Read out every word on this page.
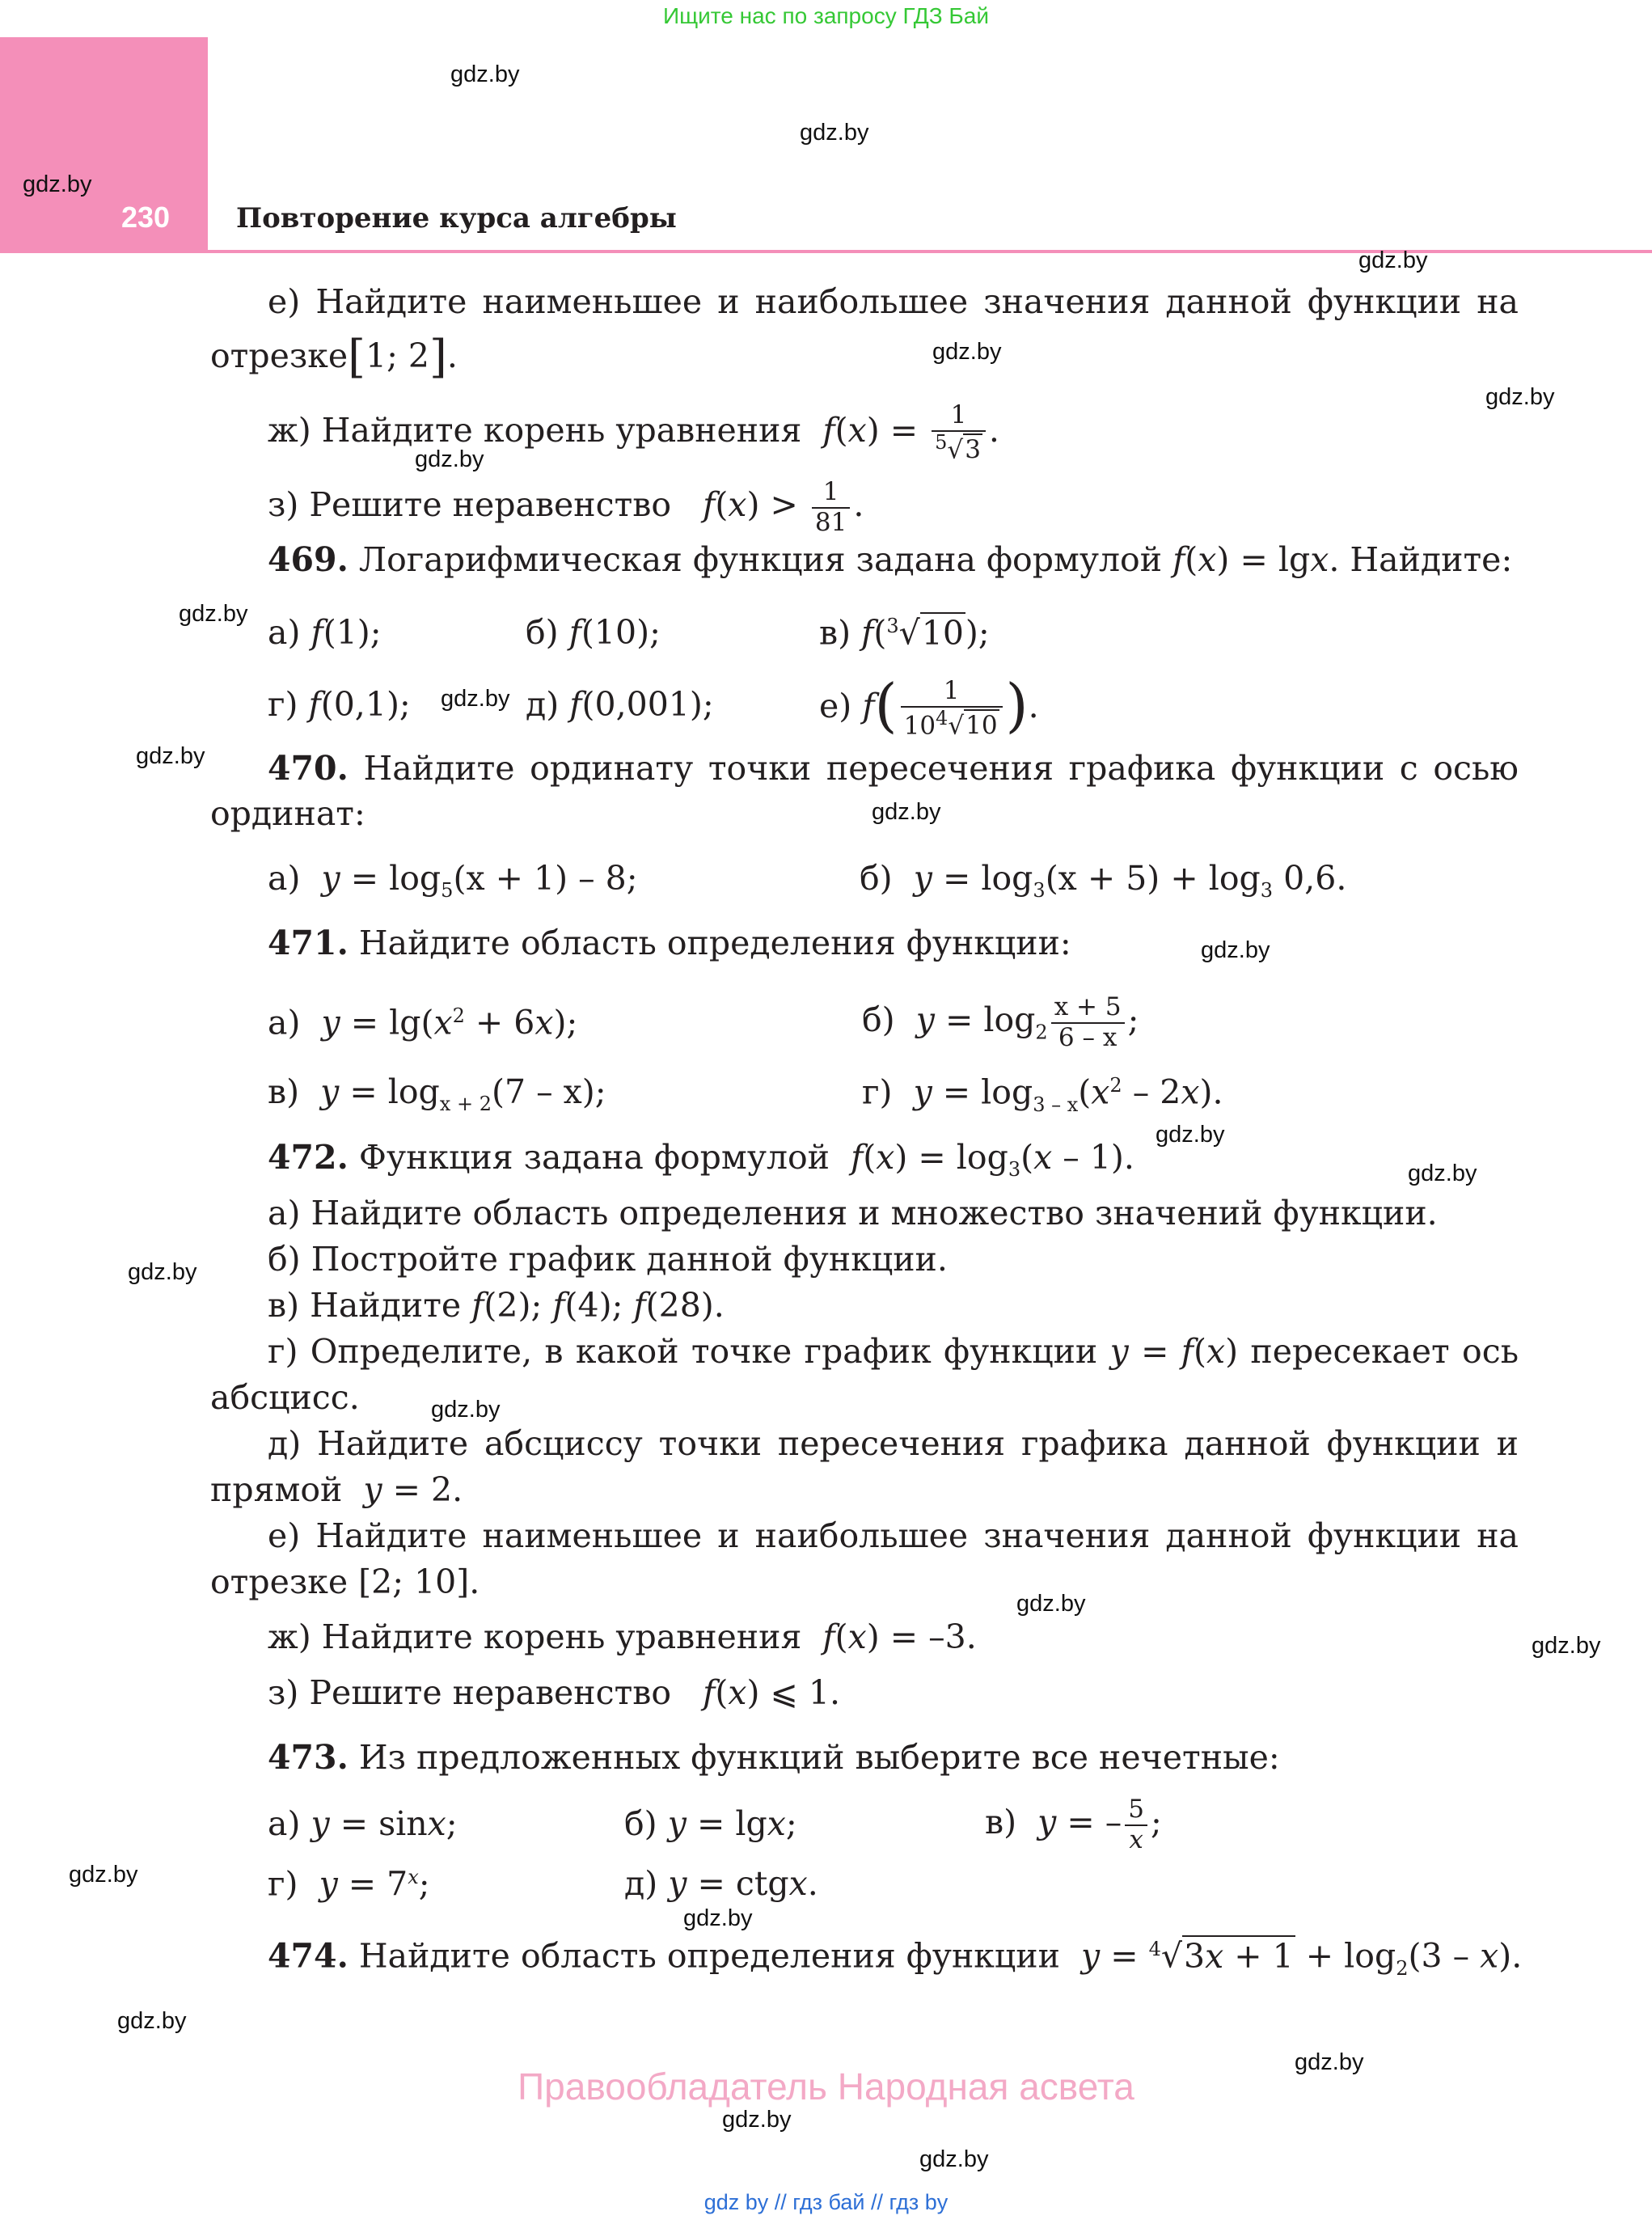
Ищите нас по запросу ГДЗ Бай
230 Повторение курса алгебры
gdz.by
gdz.by
gdz.by
gdz.by
gdz.by
gdz.by
gdz.by
gdz.by
gdz.by
gdz.by
gdz.by
gdz.by
gdz.by
gdz.by
gdz.by
gdz.by
gdz.by
gdz.by
gdz.by
gdz.by
gdz.by
gdz.by
gdz.by
gdz.by
е) Найдите наименьшее и наибольшее значения данной функции на
отрезке[1; 2].
ж) Найдите корень уравнения $f(x) = \frac{1}{^5√3}$ .
з) Решите неравенство $f(x) > \frac{1}{81}$ .
469. Логарифмическая функция задана формулой f(x) = lgx. Найдите:
а) f(1);	б) f(10);	в) f($^3$√10);
г) f(0,1);	д) f(0,001);	е) $f( \frac{1}{10^4√10}$ ).
470. Найдите ординату точки пересечения графика функции с осью
ординат:
а) $y = \log_5(x + 1) - 8$;	б) $y = \log_3(x + 5) + \log_3 0,6$.
471. Найдите область определения функции:
а) $y = \lg(x^2 + 6x)$;	б) $y = \log_2 \frac{x + 5}{6 - x}$ ;
в) $y = \log_{x + 2}(7 - x)$;	г) $y = \log_{3 - x}(x^2 - 2x)$.
472. Функция задана формулой $f(x) = \log_3(x - 1)$.
а) Найдите область определения и множество значений функции.
б) Постройте график данной функции.
в) Найдите f(2); f(4); f(28).
г) Определите, в какой точке график функции y = f(x) пересекает ось
абсцисс.
д) Найдите абсциссу точки пересечения графика данной функции и
прямой y = 2.
е) Найдите наименьшее и наибольшее значения данной функции на
отрезке [2; 10].
ж) Найдите корень уравнения f(x) = –3.
з) Решите неравенство f(x) ⩽ 1.
473. Из предложенных функций выберите все нечетные:
а) y = sinx;	б) y = lgx;	в) y = – $\frac{5}{x}$ ;
г) $y = 7^x$;	д) y = ctgx.
474. Найдите область определения функции $y = ^4√3x + 1 + \log_2(3 - x)$.
Правообладатель Народная асвета
gdz by // гдз бай // гдз by
